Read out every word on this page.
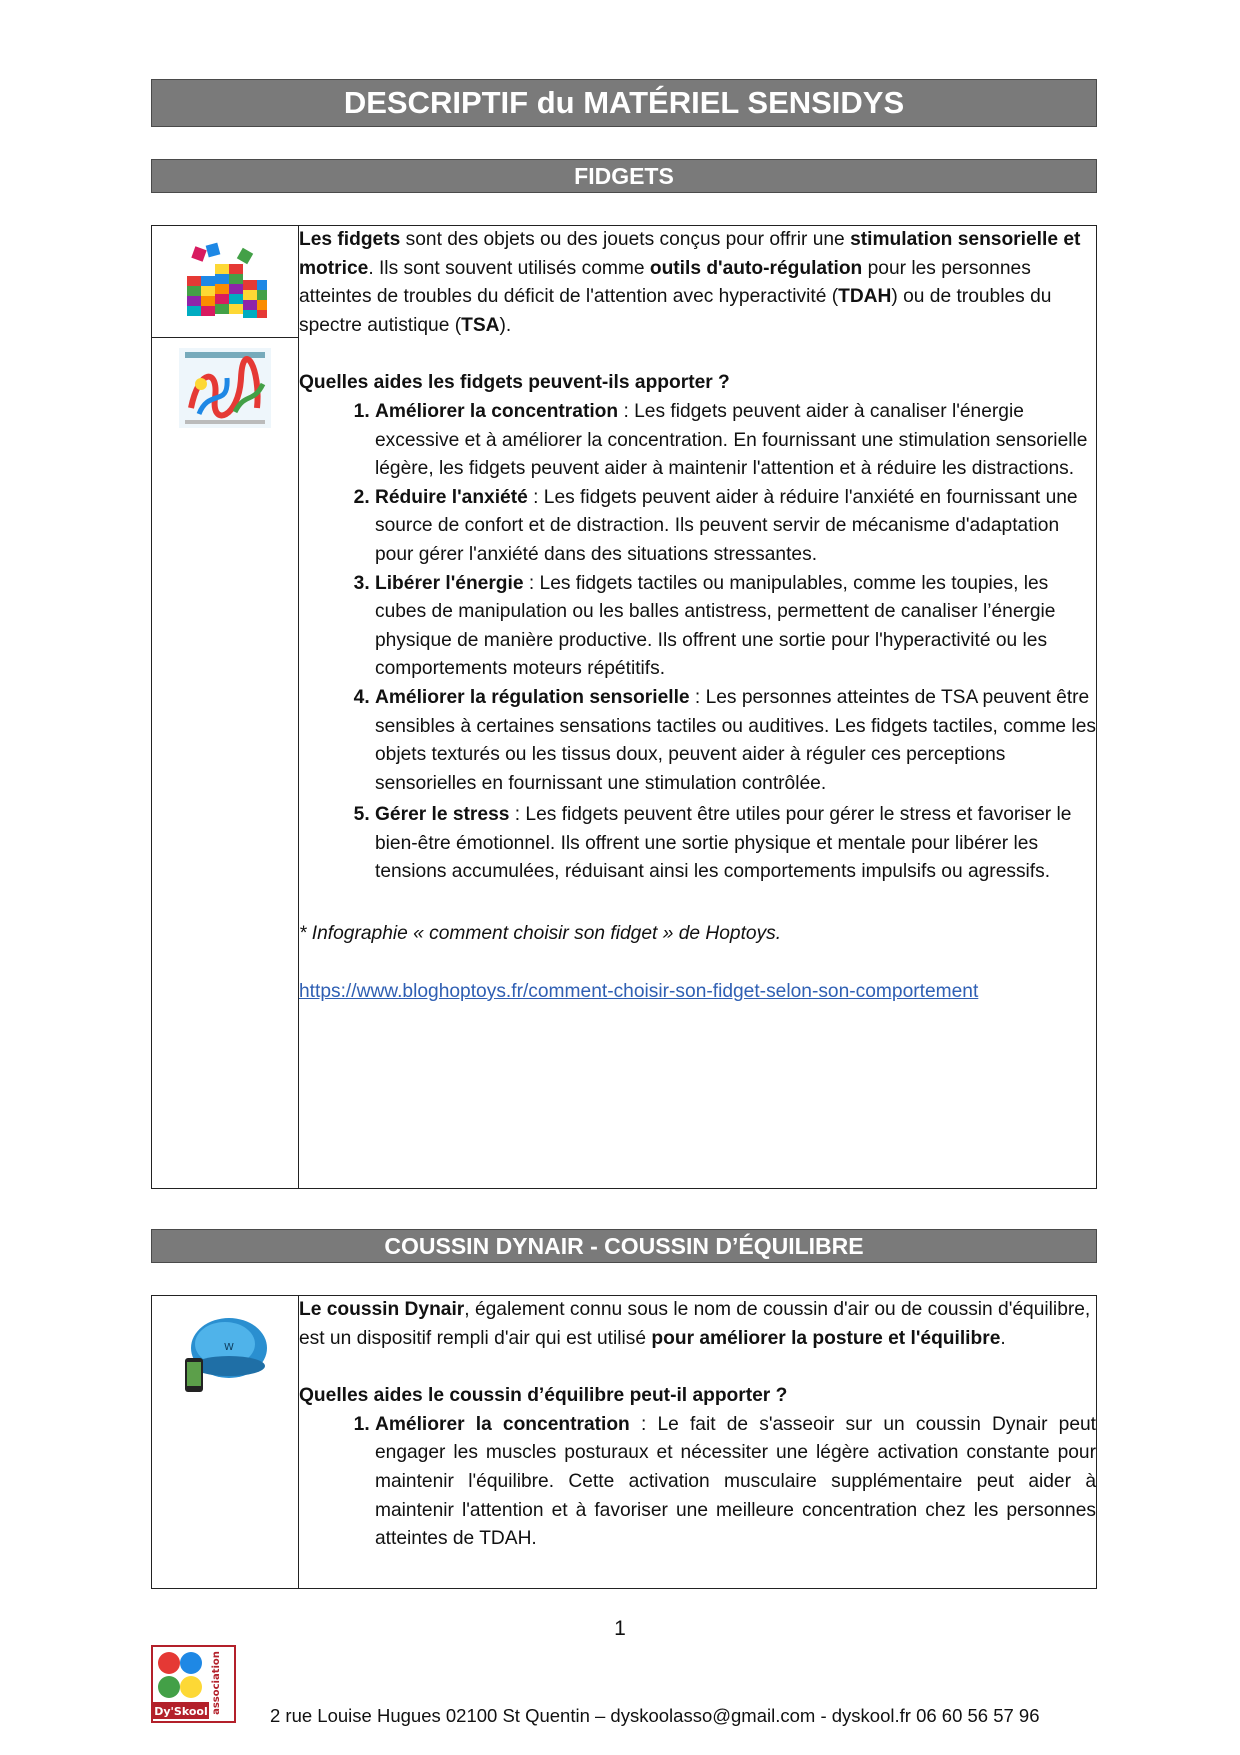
DESCRIPTIF du MATÉRIEL SENSIDYS
FIDGETS

Les fidgets sont des objets ou des jouets conçus pour offrir une stimulation sensorielle et motrice. Ils sont souvent utilisés comme outils d'auto-régulation pour les personnes atteintes de troubles du déficit de l'attention avec hyperactivité (TDAH) ou de troubles du spectre autistique (TSA).

Quelles aides les fidgets peuvent-ils apporter ?

1. Améliorer la concentration : Les fidgets peuvent aider à canaliser l'énergie excessive et à améliorer la concentration. En fournissant une stimulation sensorielle légère, les fidgets peuvent aider à maintenir l'attention et à réduire les distractions.
2. Réduire l'anxiété : Les fidgets peuvent aider à réduire l'anxiété en fournissant une source de confort et de distraction. Ils peuvent servir de mécanisme d'adaptation pour gérer l'anxiété dans des situations stressantes.
3. Libérer l'énergie : Les fidgets tactiles ou manipulables, comme les toupies, les cubes de manipulation ou les balles antistress, permettent de canaliser l’énergie physique de manière productive. Ils offrent une sortie pour l'hyperactivité ou les comportements moteurs répétitifs.
4. Améliorer la régulation sensorielle : Les personnes atteintes de TSA peuvent être sensibles à certaines sensations tactiles ou auditives. Les fidgets tactiles, comme les objets texturés ou les tissus doux, peuvent aider à réguler ces perceptions sensorielles en fournissant une stimulation contrôlée.
5. Gérer le stress : Les fidgets peuvent être utiles pour gérer le stress et favoriser le bien-être émotionnel. Ils offrent une sortie physique et mentale pour libérer les tensions accumulées, réduisant ainsi les comportements impulsifs ou agressifs.

* Infographie « comment choisir son fidget » de Hoptoys.

https://www.bloghoptoys.fr/comment-choisir-son-fidget-selon-son-comportement

COUSSIN DYNAIR - COUSSIN D’ÉQUILIBRE
W

Le coussin Dynair, également connu sous le nom de coussin d'air ou de coussin d'équilibre, est un dispositif rempli d'air qui est utilisé pour améliorer la posture et l'équilibre.

Quelles aides le coussin d’équilibre peut-il apporter ?

1. Améliorer la concentration : Le fait de s'asseoir sur un coussin Dynair peut engager les muscles posturaux et nécessiter une légère activation constante pour maintenir l'équilibre. Cette activation musculaire supplémentaire peut aider à maintenir l'attention et à favoriser une meilleure concentration chez les personnes atteintes de TDAH.
1
Dy'Skool association
2 rue Louise Hugues 02100 St Quentin – dyskoolasso@gmail.com - dyskool.fr 06 60 56 57 96
